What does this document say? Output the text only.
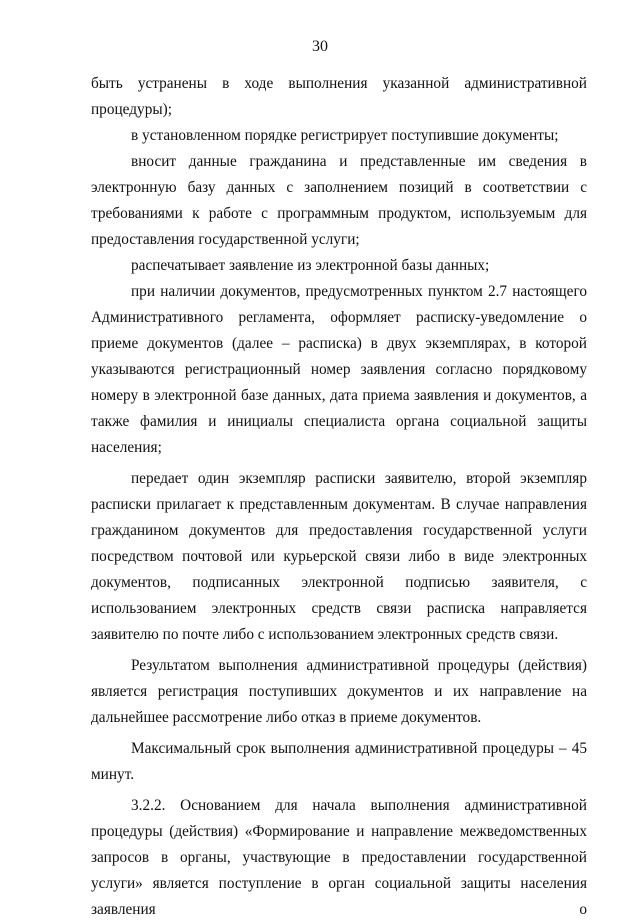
30

быть устранены в ходе выполнения указанной административной процедуры);

в установленном порядке регистрирует поступившие документы;

вносит данные гражданина и представленные им сведения в электронную базу данных с заполнением позиций в соответствии с требованиями к работе с программным продуктом, используемым для предоставления государственной услуги;

распечатывает заявление из электронной базы данных;

при наличии документов, предусмотренных пунктом 2.7 настоящего Административного регламента, оформляет расписку-уведомление о приеме документов (далее – расписка) в двух экземплярах, в которой указываются регистрационный номер заявления согласно порядковому номеру в электронной базе данных, дата приема заявления и документов, а также фамилия и инициалы специалиста органа социальной защиты населения;

передает один экземпляр расписки заявителю, второй экземпляр расписки прилагает к представленным документам. В случае направления гражданином документов для предоставления государственной услуги посредством почтовой или курьерской связи либо в виде электронных документов, подписанных электронной подписью заявителя, с использованием электронных средств связи расписка направляется заявителю по почте либо с использованием электронных средств связи.

Результатом выполнения административной процедуры (действия) является регистрация поступивших документов и их направление на дальнейшее рассмотрение либо отказ в приеме документов.

Максимальный срок выполнения административной процедуры – 45 минут.

3.2.2. Основанием для начала выполнения административной процедуры (действия) «Формирование и направление межведомственных запросов в органы, участвующие в предоставлении государственной услуги» является поступление в орган социальной защиты населения заявления о
